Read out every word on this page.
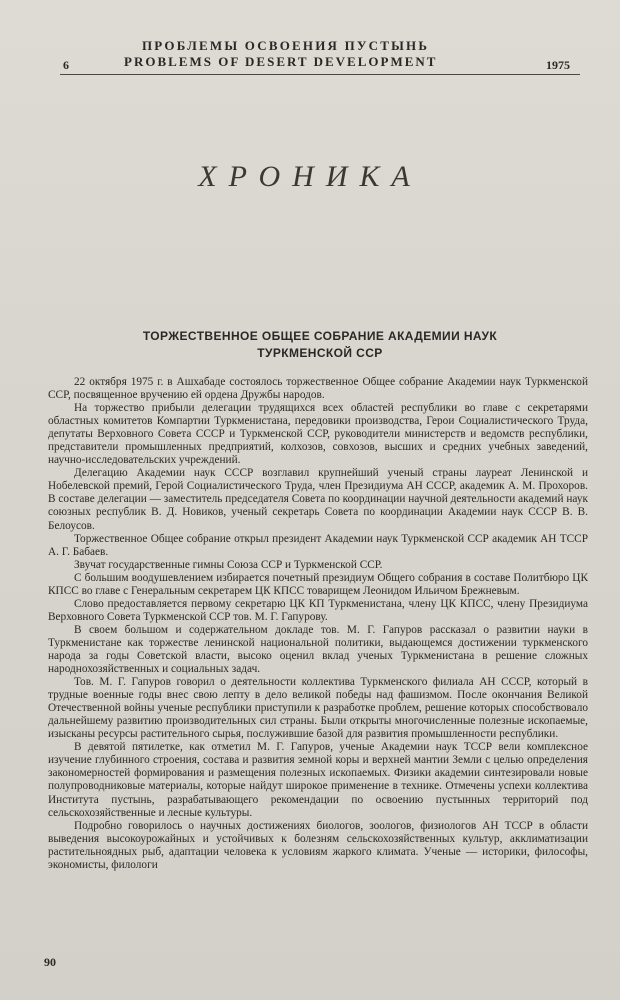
6
ПРОБЛЕМЫ ОСВОЕНИЯ ПУСТЫНЬ
PROBLEMS OF DESERT DEVELOPMENT	1975
ХРОНИКА
ТОРЖЕСТВЕННОЕ ОБЩЕЕ СОБРАНИЕ АКАДЕМИИ НАУК
ТУРКМЕНСКОЙ ССР

22 октября 1975 г. в Ашхабаде состоялось торжественное Общее собрание Академии наук Туркменской ССР, посвященное вручению ей ордена Дружбы народов.

На торжество прибыли делегации трудящихся всех областей республики во главе с секретарями областных комитетов Компартии Туркменистана, передовики производства, Герои Социалистического Труда, депутаты Верховного Совета СССР и Туркменской ССР, руководители министерств и ведомств республики, представители промышленных предприятий, колхозов, совхозов, высших и средних учебных заведений, научно-исследовательских учреждений.

Делегацию Академии наук СССР возглавил крупнейший ученый страны лауреат Ленинской и Нобелевской премий, Герой Социалистического Труда, член Президиума АН СССР, академик А. М. Прохоров. В составе делегации — заместитель председателя Совета по координации научной деятельности академий наук союзных республик В. Д. Новиков, ученый секретарь Совета по координации Академии наук СССР В. В. Белоусов.

Торжественное Общее собрание открыл президент Академии наук Туркменской ССР академик АН ТССР А. Г. Бабаев.

Звучат государственные гимны Союза ССР и Туркменской ССР.

С большим воодушевлением избирается почетный президиум Общего собрания в составе Политбюро ЦК КПСС во главе с Генеральным секретарем ЦК КПСС товарищем Леонидом Ильичом Брежневым.

Слово предоставляется первому секретарю ЦК КП Туркменистана, члену ЦК КПСС, члену Президиума Верховного Совета Туркменской ССР тов. М. Г. Гапурову.

В своем большом и содержательном докладе тов. М. Г. Гапуров рассказал о развитии науки в Туркменистане как торжестве ленинской национальной политики, выдающемся достижении туркменского народа за годы Советской власти, высоко оценил вклад ученых Туркменистана в решение сложных народнохозяйственных и социальных задач.

Тов. М. Г. Гапуров говорил о деятельности коллектива Туркменского филиала АН СССР, который в трудные военные годы внес свою лепту в дело великой победы над фашизмом. После окончания Великой Отечественной войны ученые республики приступили к разработке проблем, решение которых способствовало дальнейшему развитию производительных сил страны. Были открыты многочисленные полезные ископаемые, изысканы ресурсы растительного сырья, послужившие базой для развития промышленности республики.

В девятой пятилетке, как отметил М. Г. Гапуров, ученые Академии наук ТССР вели комплексное изучение глубинного строения, состава и развития земной коры и верхней мантии Земли с целью определения закономерностей формирования и размещения полезных ископаемых. Физики академии синтезировали новые полупроводниковые материалы, которые найдут широкое применение в технике. Отмечены успехи коллектива Института пустынь, разрабатывающего рекомендации по освоению пустынных территорий под сельскохозяйственные и лесные культуры.

Подробно говорилось о научных достижениях биологов, зоологов, физиологов АН ТССР в области выведения высокоурожайных и устойчивых к болезням сельскохозяйственных культур, акклиматизации растительноядных рыб, адаптации человека к условиям жаркого климата. Ученые — историки, философы, экономисты, филологи

90
